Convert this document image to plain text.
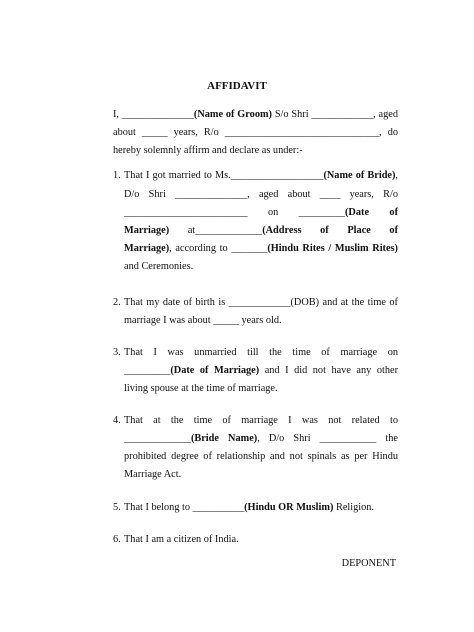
AFFIDAVIT
I, ______________(Name of Groom) S/o Shri ____________, aged
about _____ years, R/o ______________________________, do
hereby solemnly affirm and declare as under:-
1. That I got married to Ms.__________________(Name of Bride),
D/o Shri ______________, aged about ____ years, R/o
________________________ on _________(Date of
Marriage) at_____________(Address of Place of
Marriage), according to _______(Hindu Rites / Muslim Rites)
and Ceremonies.
2. That my date of birth is ____________(DOB) and at the time of
marriage I was about _____ years old.
3. That I was unmarried till the time of marriage on
_________(Date of Marriage) and I did not have any other
living spouse at the time of marriage.
4. That at the time of marriage I was not related to
_____________(Bride Name), D/o Shri ___________ the
prohibited degree of relationship and not spinals as per Hindu
Marriage Act.
5. That I belong to __________(Hindu OR Muslim) Religion.
6. That I am a citizen of India.
DEPONENT
